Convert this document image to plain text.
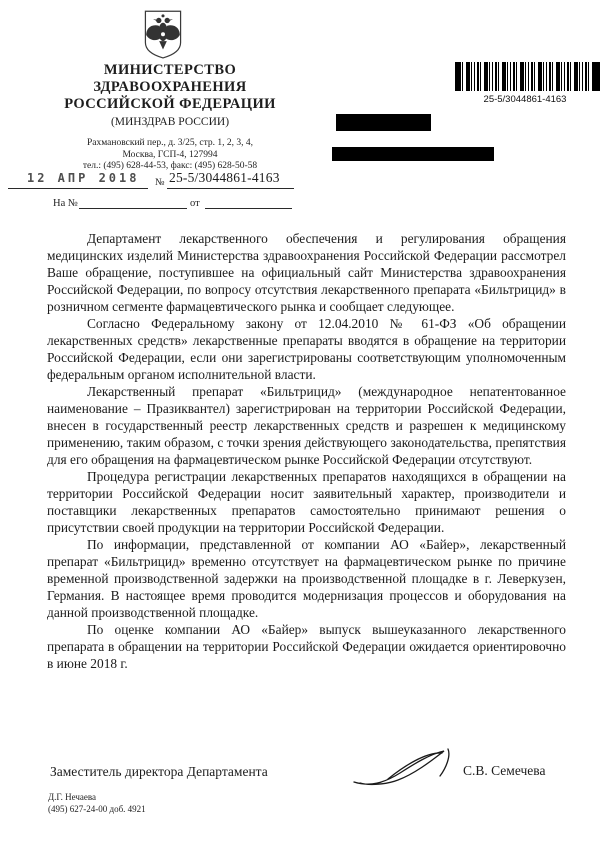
МИНИСТЕРСТВО
ЗДРАВООХРАНЕНИЯ
РОССИЙСКОЙ ФЕДЕРАЦИИ
(МИНЗДРАВ РОССИИ)
Рахмановский пер., д. 3/25, стр. 1, 2, 3, 4,
Москва, ГСП-4, 127994
тел.: (495) 628-44-53, факс: (495) 628-50-58
12 АПР 2018 № 25-5/3044861-4163
На №	от
25-5/3044861-4163

Департамент лекарственного обеспечения и регулирования обращения медицинских изделий Министерства здравоохранения Российской Федерации рассмотрел Ваше обращение, поступившее на официальный сайт Министерства здравоохранения Российской Федерации, по вопросу отсутствия лекарственного препарата «Бильтрицид» в розничном сегменте фармацевтического рынка и сообщает следующее.

Согласно Федеральному закону от 12.04.2010 № 61-ФЗ «Об обращении лекарственных средств» лекарственные препараты вводятся в обращение на территории Российской Федерации, если они зарегистрированы соответствующим уполномоченным федеральным органом исполнительной власти.

Лекарственный препарат «Бильтрицид» (международное непатентованное наименование – Празиквантел) зарегистрирован на территории Российской Федерации, внесен в государственный реестр лекарственных средств и разрешен к медицинскому применению, таким образом, с точки зрения действующего законодательства, препятствия для его обращения на фармацевтическом рынке Российской Федерации отсутствуют.

Процедура регистрации лекарственных препаратов находящихся в обращении на территории Российской Федерации носит заявительный характер, производители и поставщики лекарственных препаратов самостоятельно принимают решения о присутствии своей продукции на территории Российской Федерации.

По информации, представленной от компании АО «Байер», лекарственный препарат «Бильтрицид» временно отсутствует на фармацевтическом рынке по причине временной производственной задержки на производственной площадке в г. Леверкузен, Германия. В настоящее время проводится модернизация процессов и оборудования на данной производственной площадке.

По оценке компании АО «Байер» выпуск вышеуказанного лекарственного препарата в обращении на территории Российской Федерации ожидается ориентировочно в июне 2018 г.

Заместитель директора Департамента	С.В. Семечева
Д.Г. Нечаева
(495) 627-24-00 доб. 4921
